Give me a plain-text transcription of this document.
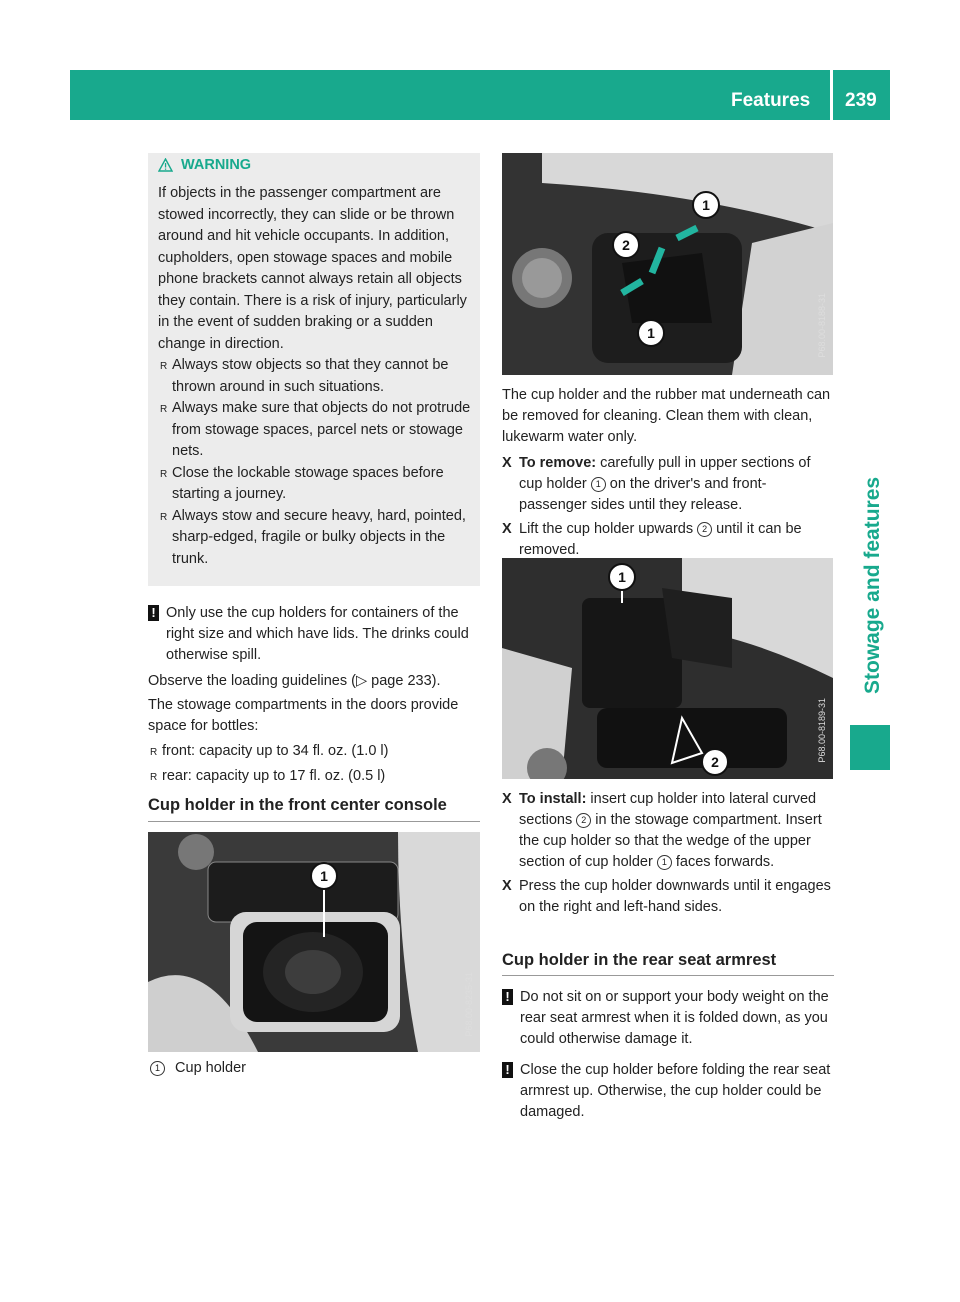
Features 239
Stowage and features
WARNING

If objects in the passenger compartment are stowed incorrectly, they can slide or be thrown around and hit vehicle occupants. In addition, cupholders, open stowage spaces and mobile phone brackets cannot always retain all objects they contain. There is a risk of injury, particularly in the event of sudden braking or a sudden change in direction.

R Always stow objects so that they cannot be thrown around in such situations.
R Always make sure that objects do not protrude from stowage spaces, parcel nets or stowage nets.
R Close the lockable stowage spaces before starting a journey.
R Always stow and secure heavy, hard, pointed, sharp-edged, fragile or bulky objects in the trunk.
! Only use the cup holders for containers of the right size and which have lids. The drinks could otherwise spill.

Observe the loading guidelines (▷ page 233).

The stowage compartments in the doors provide space for bottles:

R front: capacity up to 34 fl. oz. (1.0 l)
R rear: capacity up to 17 fl. oz. (0.5 l)
Cup holder in the front center console
1
P68.00-8235-31
1 Cup holder
1
2
1	P68.00-8188-31

The cup holder and the rubber mat underneath can be removed for cleaning. Clean them with clean, lukewarm water only.

X To remove: carefully pull in upper sections of cup holder 1 on the driver's and front-passenger sides until they release.
X Lift the cup holder upwards 2 until it can be removed.
1
2	P68.00-8189-31
X To install: insert cup holder into lateral curved sections 2 in the stowage compartment. Insert the cup holder so that the wedge of the upper section of cup holder 1 faces forwards.
X Press the cup holder downwards until it engages on the right and left-hand sides.
Cup holder in the rear seat armrest
! Do not sit on or support your body weight on the rear seat armrest when it is folded down, as you could otherwise damage it.
! Close the cup holder before folding the rear seat armrest up. Otherwise, the cup holder could be damaged.
